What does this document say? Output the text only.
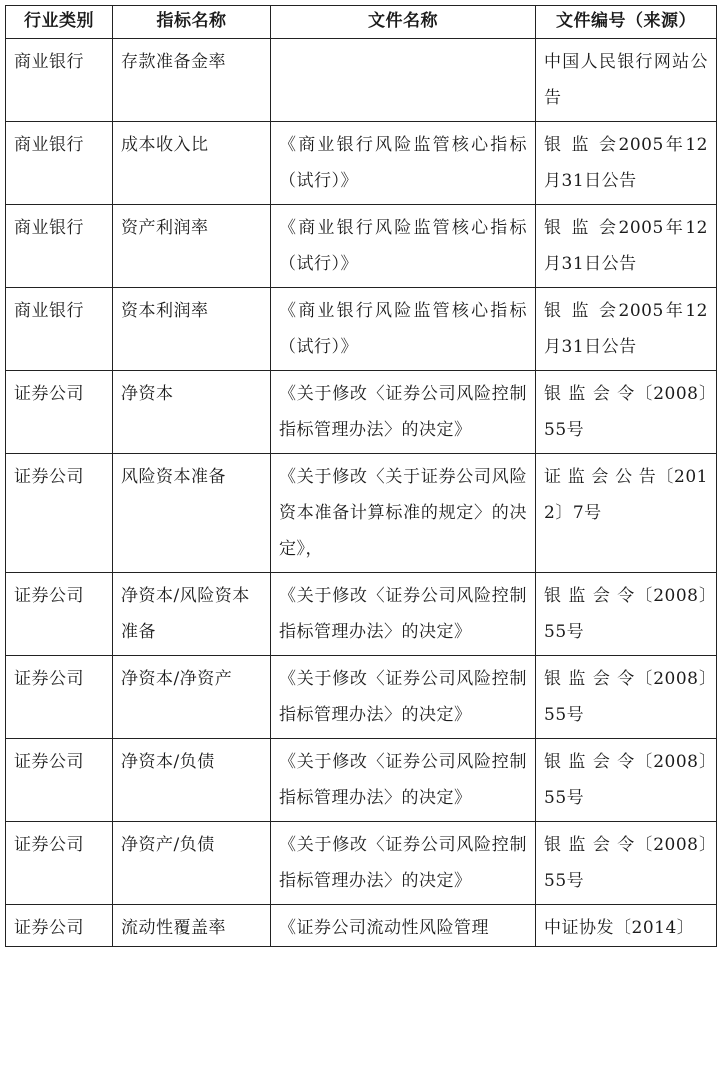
行业类别	指标名称	文件名称	文件编号（来源）
商业银行	存款准备金率		中国人民银行网站公告
商业银行	成本收入比	《商业银行风险监管核心指标（试行）》	银 监 会2005年12月31日公告
商业银行	资产利润率	《商业银行风险监管核心指标（试行）》	银 监 会2005年12月31日公告
商业银行	资本利润率	《商业银行风险监管核心指标（试行）》	银 监 会2005年12月31日公告
证券公司	净资本	《关于修改〈证券公司风险控制指标管理办法〉的决定》	银 监 会 令〔2008〕55号
证券公司	风险资本准备	《关于修改〈关于证券公司风险资本准备计算标准的规定〉的决定》，	证 监 会 公 告〔2012〕7号
证券公司	净资本/风险资本准备	《关于修改〈证券公司风险控制指标管理办法〉的决定》	银 监 会 令〔2008〕55号
证券公司	净资本/净资产	《关于修改〈证券公司风险控制指标管理办法〉的决定》	银 监 会 令〔2008〕55号
证券公司	净资本/负债	《关于修改〈证券公司风险控制指标管理办法〉的决定》	银 监 会 令〔2008〕55号
证券公司	净资产/负债	《关于修改〈证券公司风险控制指标管理办法〉的决定》	银 监 会 令〔2008〕55号
证券公司	流动性覆盖率	《证券公司流动性风险管理	中证协发〔2014〕
